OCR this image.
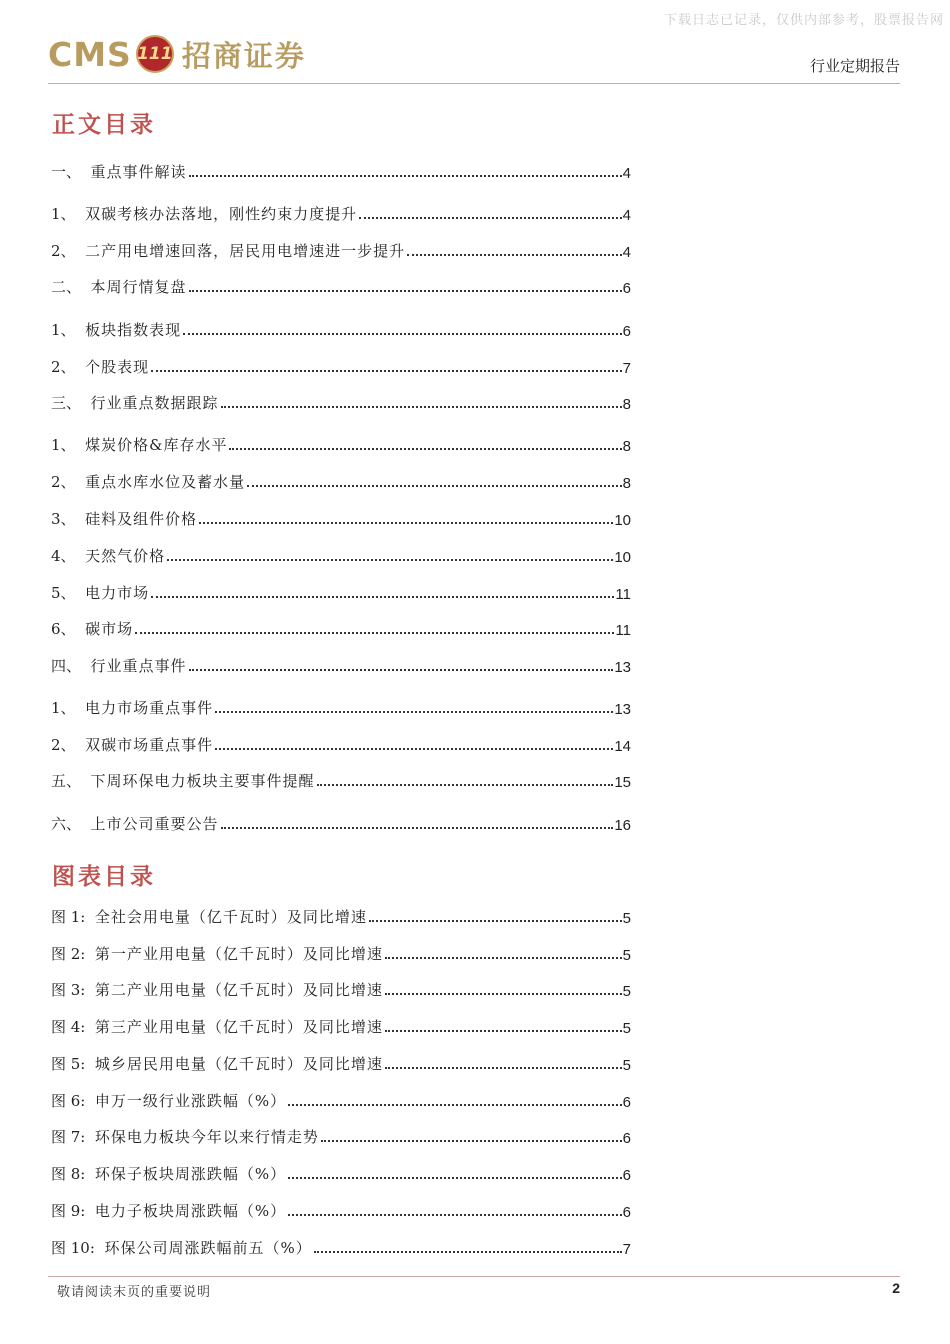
下载日志已记录，仅供内部参考，股票报告网
CMS 111 招商证券	行业定期报告
正文目录
一、 重点事件解读	4
1、 双碳考核办法落地，刚性约束力度提升	4
2、 二产用电增速回落，居民用电增速进一步提升	4
二、 本周行情复盘	6
1、 板块指数表现	6
2、 个股表现	7
三、 行业重点数据跟踪	8
1、 煤炭价格&库存水平	8
2、 重点水库水位及蓄水量	8
3、 硅料及组件价格	10
4、 天然气价格	10
5、 电力市场	11
6、 碳市场	11
四、 行业重点事件	13
1、 电力市场重点事件	13
2、 双碳市场重点事件	14
五、 下周环保电力板块主要事件提醒	15
六、 上市公司重要公告	16
图表目录
图 1: 全社会用电量（亿千瓦时）及同比增速	5
图 2: 第一产业用电量（亿千瓦时）及同比增速	5
图 3: 第二产业用电量（亿千瓦时）及同比增速	5
图 4: 第三产业用电量（亿千瓦时）及同比增速	5
图 5: 城乡居民用电量（亿千瓦时）及同比增速	5
图 6: 申万一级行业涨跌幅（%）	6
图 7: 环保电力板块今年以来行情走势	6
图 8: 环保子板块周涨跌幅（%）	6
图 9: 电力子板块周涨跌幅（%）	6
图 10: 环保公司周涨跌幅前五（%）	7
敬请阅读末页的重要说明	2
